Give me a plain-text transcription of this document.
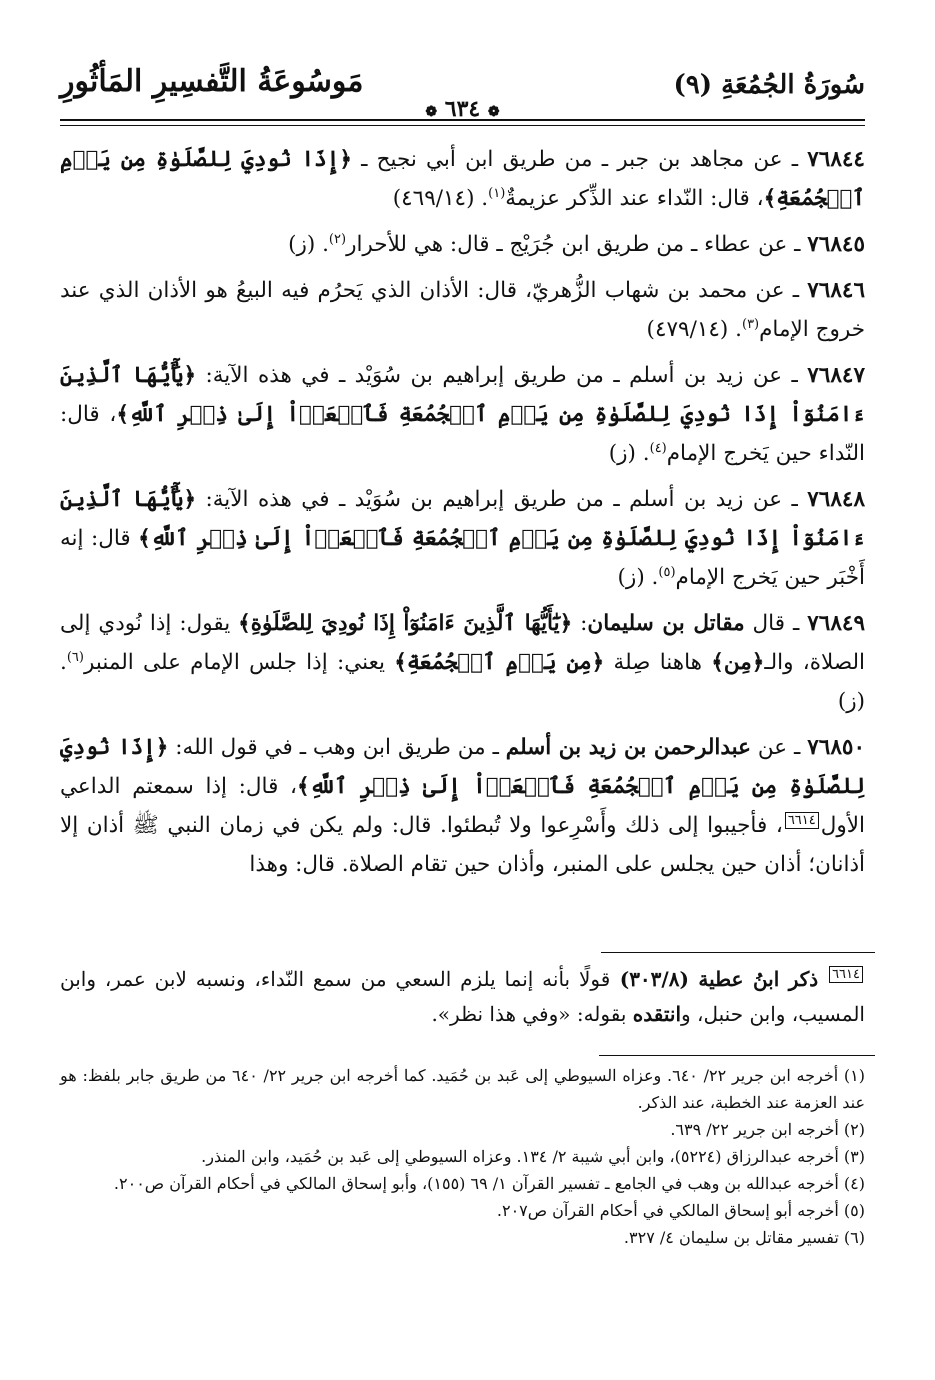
سُورَةُ الجُمُعَةِ (٩)
مَوسُوعَةُ التَّفسِيرِ المَأثُورِ
❁ ٦٣٤ ❁

٧٦٨٤٤ ـ عن مجاهد بن جبر ـ من طريق ابن أبي نجيح ـ ﴿إِذَا نُودِيَ لِلصَّلَوٰةِ مِن يَوۡمِ ٱلۡجُمُعَةِ﴾، قال: النّداء عند الذِّكر عزيمةٌ$^{(١)}$. (٤٦٩/١٤)

٧٦٨٤٥ ـ عن عطاء ـ من طريق ابن جُرَيْج ـ قال: هي للأحرار$^{(٢)}$. (ز)

٧٦٨٤٦ ـ عن محمد بن شهاب الزُّهريّ، قال: الأذان الذي يَحرُم فيه البيعُ هو الأذان الذي عند خروج الإمام$^{(٣)}$. (٤٧٩/١٤)

٧٦٨٤٧ ـ عن زيد بن أسلم ـ من طريق إبراهيم بن سُوَيْد ـ في هذه الآية: ﴿يَٰٓأَيُّهَا ٱلَّذِينَ ءَامَنُوٓاْ إِذَا نُودِيَ لِلصَّلَوٰةِ مِن يَوۡمِ ٱلۡجُمُعَةِ فَٱسۡعَوۡاْ إِلَىٰ ذِكۡرِ ٱللَّهِ﴾، قال: النّداء حين يَخرج الإمام$^{(٤)}$. (ز)

٧٦٨٤٨ ـ عن زيد بن أسلم ـ من طريق إبراهيم بن سُوَيْد ـ في هذه الآية: ﴿يَٰٓأَيُّهَا ٱلَّذِينَ ءَامَنُوٓاْ إِذَا نُودِيَ لِلصَّلَوٰةِ مِن يَوۡمِ ٱلۡجُمُعَةِ فَٱسۡعَوۡاْ إِلَىٰ ذِكۡرِ ٱللَّهِ﴾ قال: إنه أَخْبَر حين يَخرج الإمام$^{(٥)}$. (ز)

٧٦٨٤٩ ـ قال مقاتل بن سليمان: ﴿يَٰٓأَيُّهَا ٱلَّذِينَ ءَامَنُوٓاْ إِذَا نُودِيَ لِلصَّلَوٰةِ﴾ يقول: إذا نُودي إلى الصلاة، والـ﴿مِن﴾ هاهنا صِلة ﴿مِن يَوۡمِ ٱلۡجُمُعَةِ﴾ يعني: إذا جلس الإمام على المنبر$^{(٦)}$. (ز)

٧٦٨٥٠ ـ عن عبدالرحمن بن زيد بن أسلم ـ من طريق ابن وهب ـ في قول الله: ﴿إِذَا نُودِيَ لِلصَّلَوٰةِ مِن يَوۡمِ ٱلۡجُمُعَةِ فَٱسۡعَوۡاْ إِلَىٰ ذِكۡرِ ٱللَّهِ﴾، قال: إذا سمعتم الداعي الأول$^{٦٦١٤}$، فأجيبوا إلى ذلك وأَسْرِعوا ولا تُبطئوا. قال: ولم يكن في زمان النبي ﷺ أذان إلا أذانان؛ أذان حين يجلس على المنبر، وأذان حين تقام الصلاة. قال: وهذا

$^{٦٦١٤}$ ذكر ابنُ عطية (٣٠٣/٨) قولًا بأنه إنما يلزم السعي من سمع النّداء، ونسبه لابن عمر، وابن المسيب، وابن حنبل، وانتقده بقوله: «وفي هذا نظر».

(١) أخرجه ابن جرير ٢٢/ ٦٤٠. وعزاه السيوطي إلى عَبد بن حُمَيد. كما أخرجه ابن جرير ٢٢/ ٦٤٠ من طريق جابر بلفظ: هو عند العزمة عند الخطبة، عند الذكر.

(٢) أخرجه ابن جرير ٢٢/ ٦٣٩.

(٣) أخرجه عبدالرزاق (٥٢٢٤)، وابن أبي شيبة ٢/ ١٣٤. وعزاه السيوطي إلى عَبد بن حُمَيد، وابن المنذر.

(٤) أخرجه عبدالله بن وهب في الجامع ـ تفسير القرآن ١/ ٦٩ (١٥٥)، وأبو إسحاق المالكي في أحكام القرآن ص٢٠٠.

(٥) أخرجه أبو إسحاق المالكي في أحكام القرآن ص٢٠٧.

(٦) تفسير مقاتل بن سليمان ٤/ ٣٢٧.
